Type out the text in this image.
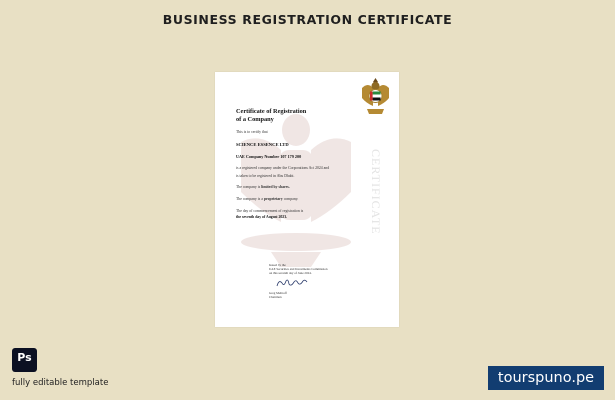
BUSINESS REGISTRATION CERTIFICATE
CERTIFICATE
Certificate of Registration
of a Company
This is to certify that
SCIENCE ESSENCE LTD
UAE Company Number 107 179 200
is a registered company under the Corporations Act 2024 and
is taken to be registered in Abu Dhabi.
The company is limited by shares.
The company is a proprietary company.
The day of commencement of registration is
the seventh day of August 2023.
Issued by the
UAE Securities and Investments Commission
on this seventh day of June 2024.
Greg Mehroff
Chairman
Ps
fully editable template	tourspuno.pe
